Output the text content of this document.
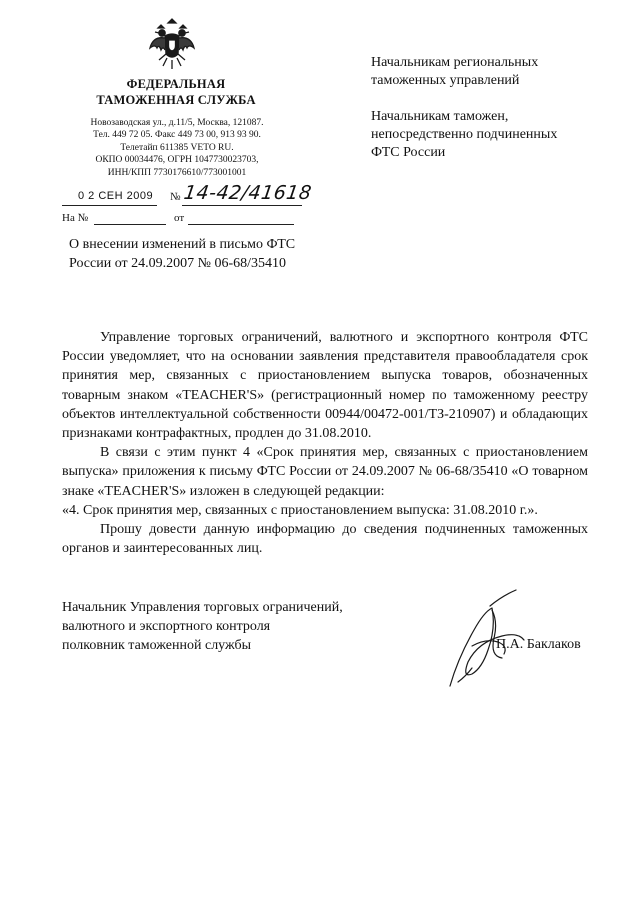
ФЕДЕРАЛЬНАЯ
ТАМОЖЕННАЯ СЛУЖБА
Новозаводская ул., д.11/5, Москва, 121087.
Тел. 449 72 05. Факс 449 73 00, 913 93 90.
Телетайп 611385 VETO RU.
ОКПО 00034476, ОГРН 1047730023703,
ИНН/КПП 7730176610/773001001
Начальникам региональных
таможенных управлений
Начальникам таможен,
непосредственно подчиненных
ФТС России
0 2 СЕН 2009 № 14-42/41618
На №	от
О внесении изменений в письмо ФТС
России от 24.09.2007 № 06-68/35410

Управление торговых ограничений, валютного и экспортного контроля ФТС России уведомляет, что на основании заявления представителя правообладателя срок принятия мер, связанных с приостановлением выпуска товаров, обозначенных товарным знаком «TEACHER'S» (регистрационный номер по таможенному реестру объектов интеллектуальной собственности 00944/00472-001/ТЗ-210907) и обладающих признаками контрафактных, продлен до 31.08.2010.

В связи с этим пункт 4 «Срок принятия мер, связанных с приостановлением выпуска» приложения к письму ФТС России от 24.09.2007 № 06-68/35410 «О товарном знаке «TEACHER'S» изложен в следующей редакции:

«4. Срок принятия мер, связанных с приостановлением выпуска: 31.08.2010 г.».

Прошу довести данную информацию до сведения подчиненных таможенных органов и заинтересованных лиц.

Начальник Управления торговых ограничений,
валютного и экспортного контроля
полковник таможенной службы	П.А. Баклаков
